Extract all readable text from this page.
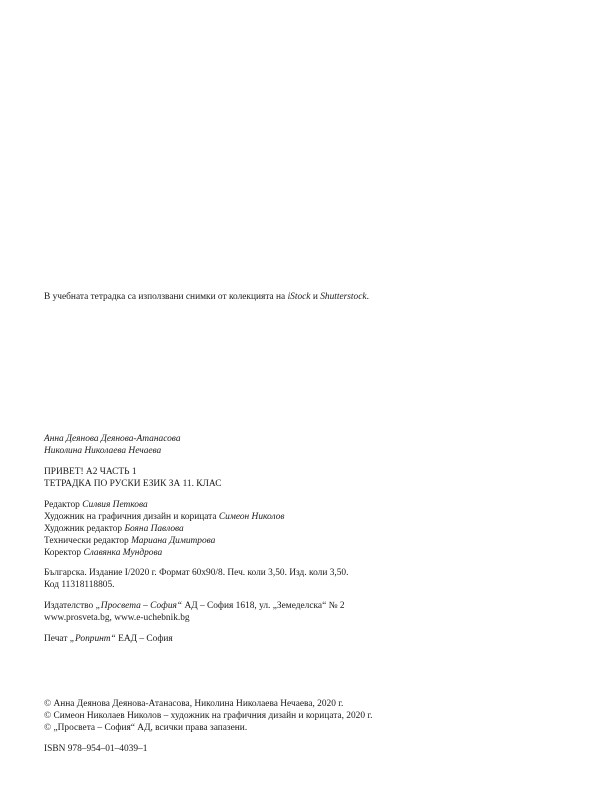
В учебната тетрадка са използвани снимки от колекцията на iStock и Shutterstock.
Анна Деянова Деянова-Атанасова
Николина Николаева Нечаева
ПРИВЕТ! А2 ЧАСТЬ 1
ТЕТРАДКА ПО РУСКИ ЕЗИК ЗА 11. КЛАС
Редактор Силвия Петкова
Художник на графичния дизайн и корицата Симеон Николов
Художник редактор Бояна Павлова
Технически редактор Мариана Димитрова
Коректор Славянка Мундрова
Българска. Издание I/2020 г. Формат 60х90/8. Печ. коли 3,50. Изд. коли 3,50.
Код 11318118805.
Издателство „Просвета – София“ АД – София 1618, ул. „Земеделска“ № 2
www.prosveta.bg, www.e-uchebnik.bg
Печат „Ропринт“ ЕАД – София
© Анна Деянова Деянова-Атанасова, Николина Николаева Нечаева, 2020 г.
© Симеон Николаев Николов – художник на графичния дизайн и корицата, 2020 г.
© „Просвета – София“ АД, всички права запазени.
ISBN 978–954–01–4039–1
